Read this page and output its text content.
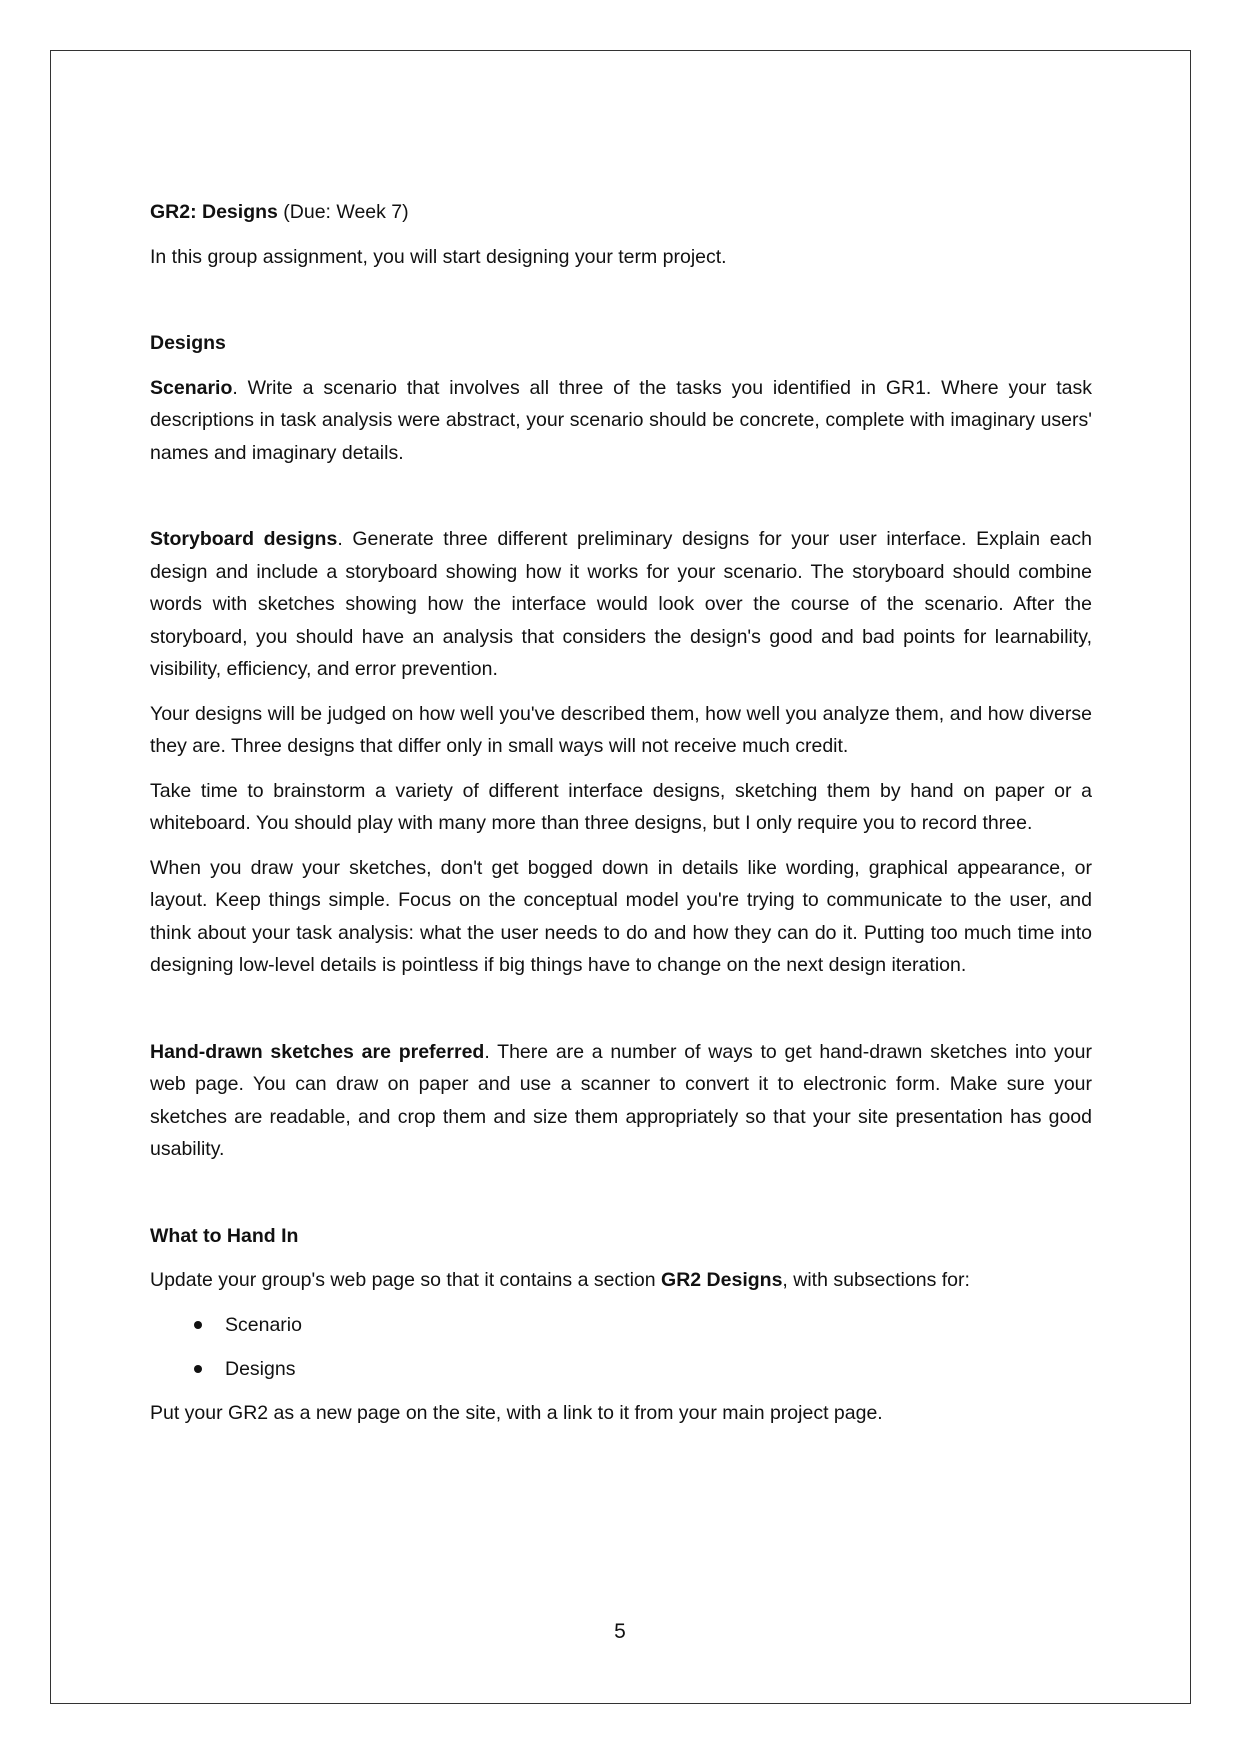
GR2: Designs (Due: Week 7)

In this group assignment, you will start designing your term project.

Designs

Scenario. Write a scenario that involves all three of the tasks you identified in GR1. Where your task descriptions in task analysis were abstract, your scenario should be concrete, complete with imaginary users' names and imaginary details.

Storyboard designs. Generate three different preliminary designs for your user interface. Explain each design and include a storyboard showing how it works for your scenario. The storyboard should combine words with sketches showing how the interface would look over the course of the scenario. After the storyboard, you should have an analysis that considers the design's good and bad points for learnability, visibility, efficiency, and error prevention.

Your designs will be judged on how well you've described them, how well you analyze them, and how diverse they are. Three designs that differ only in small ways will not receive much credit.

Take time to brainstorm a variety of different interface designs, sketching them by hand on paper or a whiteboard. You should play with many more than three designs, but I only require you to record three.

When you draw your sketches, don't get bogged down in details like wording, graphical appearance, or layout. Keep things simple. Focus on the conceptual model you're trying to communicate to the user, and think about your task analysis: what the user needs to do and how they can do it. Putting too much time into designing low-level details is pointless if big things have to change on the next design iteration.

Hand-drawn sketches are preferred. There are a number of ways to get hand-drawn sketches into your web page. You can draw on paper and use a scanner to convert it to electronic form. Make sure your sketches are readable, and crop them and size them appropriately so that your site presentation has good usability.

What to Hand In

Update your group's web page so that it contains a section GR2 Designs, with subsections for:

Scenario
Designs

Put your GR2 as a new page on the site, with a link to it from your main project page.

5
